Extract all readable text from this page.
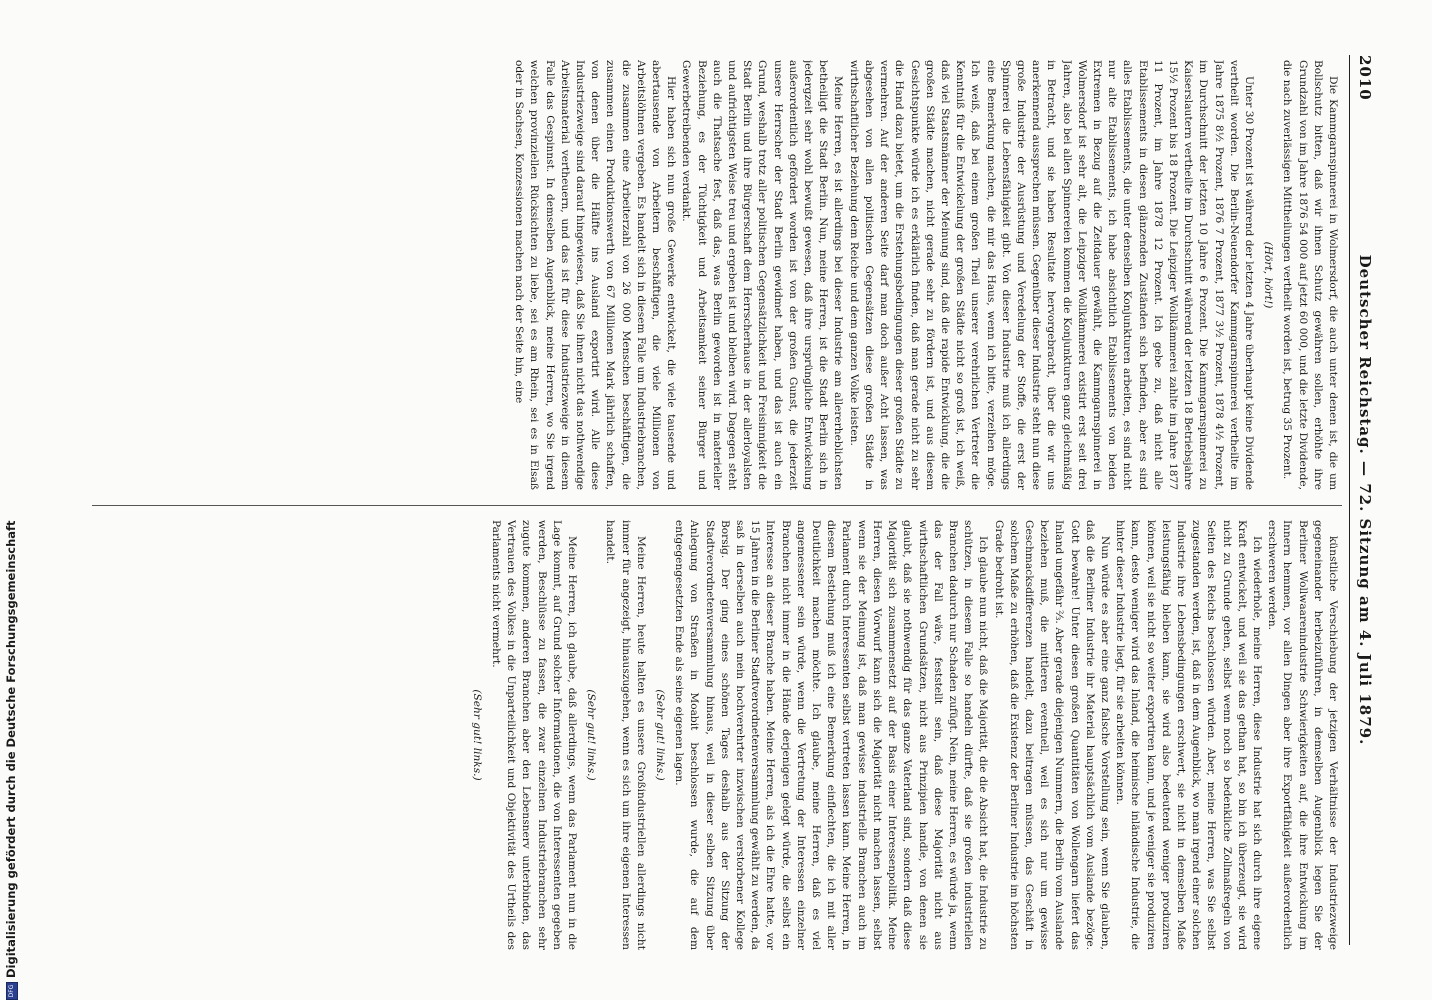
2010
Deutscher Reichstag. — 72. Sitzung am 4. Juli 1879.

Die Kammgarnspinnerei in Wolmersdorf, die auch unter denen ist, die um Bollschutz bitten, daß wir ihnen Schutz gewähren sollen, erhöhte ihre Grundzahl von im Jahre 1876 54 000 auf jetzt 60 000, und die letzte Dividende, die nach zuverlässigen Mittheilungen vertheilt worden ist, betrug 35 Prozent.

(Hört, hört!)

Unter 30 Prozent ist während der letzten 4 Jahre überhaupt keine Dividende vertheilt worden. Die Berlin-Neuendorfer Kammgarnspinnerei vertheilte im Jahre 1875 8½ Prozent, 1876 7 Prozent, 1877 3½ Prozent, 1878 4½ Prozent, im Durchschnitt der letzten 10 Jahre 6 Prozent. Die Kammgarnspinnerei zu Kaiserslautern vertheilte im Durchschnitt während der letzten 18 Betriebsjahre 15½ Prozent bis 18 Prozent. Die Leipziger Wollkämmerei zahlte im Jahre 1877 11 Prozent, im Jahre 1878 12 Prozent. Ich gebe zu, daß nicht alle Etablissements in diesen glänzenden Zuständen sich befinden, aber es sind alles Etablissements, die unter denselben Konjunkturen arbeiten, es sind nicht nur alte Etablissements, ich habe absichtlich Etablissements von beiden Extremen in Bezug auf die Zeitdauer gewählt, die Kammgarnspinnerei in Wolmersdorf ist sehr alt, die Leipziger Wollkämmerei existirt erst seit drei Jahren, also bei allen Spinnereien kommen die Konjunkturen ganz gleichmäßig in Betracht, und sie haben Resultate hervorgebracht, über die wir uns anerkennend aussprechen müssen. Gegenüber dieser Industrie steht nun diese große Industrie der Ausrüstung und Veredelung der Stoffe, die erst der Spinnerei die Lebensfähigkeit gibt. Von dieser Industrie muß ich allerdings eine Bemerkung machen, die mir das Haus, wenn ich bitte, verzeihen möge. Ich weiß, daß bei einem großen Theil unserer verehrlichen Vertreter die Kenntniß für die Entwickelung der großen Städte nicht so groß ist, ich weiß, daß viel Staatsmänner der Meinung sind, daß die rapide Entwicklung, die die großen Städte machen, nicht gerade sehr zu fördern ist, und aus diesem Gesichtspunkte würde ich es erklärlich finden, daß man gerade nicht zu sehr die Hand dazu bietet, um die Erstehungsbedingungen dieser großen Städte zu vermehren. Auf der anderen Seite darf man doch außer Acht lassen, was abgesehen von allen politischen Gegensätzen diese großen Städte in wirthschaftlicher Beziehung dem Reiche und dem ganzen Volke leisten.

Meine Herren, es ist allerdings bei dieser Industrie am allererheblichsten betheiligt die Stadt Berlin. Nun, meine Herren, ist die Stadt Berlin sich in jedergzeit sehr wohl bewußt gewesen, daß ihre ursprüngliche Entwickelung außerordentlich gefördert worden ist von der großen Gunst, die jederzeit unsere Herrscher der Stadt Berlin gewidmet haben, und das ist auch ein Grund, weshalb trotz aller politischen Gegensätzlichkeit und Freisinnigkeit die Stadt Berlin und ihre Bürgerschaft dem Herrscherhause in der allerloyalsten und aufrichtigsten Weise treu und ergeben ist und bleiben wird. Dagegen steht auch die Thatsache fest, daß das, was Berlin geworden ist in materieller Beziehung, es der Tüchtigkeit und Arbeitsamkeit seiner Bürger und Gewerbetreibenden verdankt.

Hier haben sich nun große Gewerke entwickelt, die viele tausende und abertausende von Arbeitern beschäftigen, die viele Millionen von Arbeitslöhnen vergeben. Es handelt sich in diesem Falle um Industriebranchen, die zusammen eine Arbeiterzahl von 26 000 Menschen beschäftigen, die zusammen einen Produktionswerth von 67 Millionen Mark jährlich schaffen, von denen über die Hälfte ins Ausland exportirt wird. Alle diese Industriezweige sind darauf hingewiesen, daß Sie ihnen nicht das nothwendige Arbeitsmaterial vertheuern, und das ist für diese Industriezweige in diesem Falle das Gespinnst. In demselben Augenblick, meine Herren, wo Sie irgend welchen provinziellen Rücksichten zu liebe, sei es am Rhein, sei es in Elsaß oder in Sachsen, Konzessionen machen nach der Seite hin, eine

künstliche Verschiebung der jetzigen Verhältnisse der Industriezweige gegeneinander herbeizuführen, in demselben Augenblick legen Sie der Berliner Wollwaarenindustrie Schwierigkeiten auf, die ihre Entwicklung im Innern hemmen, vor allen Dingen aber ihre Exportfähigkeit außerordentlich erschweren werden.

Ich wiederhole, meine Herren, diese Industrie hat sich durch ihre eigene Kraft entwickelt, und weil sie das gethan hat, so bin ich überzeugt, sie wird nicht zu Grunde gehen, selbst wenn noch so bedenkliche Zollmaßregeln von Seiten des Reichs beschlossen würden. Aber, meine Herren, was Sie selbst zugestanden werden, ist, daß in dem Augenblick, wo man irgend einer solchen Industrie ihre Lebensbedingungen erschwert, sie nicht in demselben Maße leistungsfähig bleiben kann, sie wird also bedeutend weniger produziren können, weil sie nicht so weiter exportiren kann, und je weniger sie produziren kann, desto weniger wird das Inland, die heimische inländische Industrie, die hinter dieser Industrie liegt, für sie arbeiten können.

Nun würde es aber eine ganz falsche Vorstellung sein, wenn Sie glauben, daß die Berliner Industrie ihr Material hauptsächlich vom Auslande bezöge. Gott bewahre! Unter diesen großen Quantitäten von Wollengarn liefert das Inland ungefähr ⅔. Aber gerade diejenigen Nummern, die Berlin vom Auslande beziehen muß, die mittleren eventuell, weil es sich nur um gewisse Geschmacksdifferenzen handelt, dazu beitragen müssen, das Geschäft in solchem Maße zu erhöhen, daß die Existenz der Berliner Industrie im höchsten Grade bedroht ist.

Ich glaube nun nicht, daß die Majorität, die die Absicht hat, die Industrie zu schützen, in diesem Falle so handeln dürfte, daß sie großen industriellen Branchen dadurch nur Schaden zufügt. Nein, meine Herren, es würde ja, wenn das der Fall wäre, feststellt sein, daß diese Majorität nicht aus wirthschaftlichen Grundsätzen, nicht aus Prinzipien handle, von denen sie glaubt, daß sie nothwendig für das ganze Vaterland sind, sondern daß diese Majorität sich zusammensetzt auf der Basis einer Interessenpolitik. Meine Herren, diesen Vorwurf kann sich die Majorität nicht machen lassen, selbst wenn sie der Meinung ist, daß man gewisse industrielle Branchen auch im Parlament durch Interessenten selbst vertreten lassen kann. Meine Herren, in diesem Bestiehung muß ich eine Bemerkung einflechten, die ich mit aller Deutlichkeit machen möchte. Ich glaube, meine Herren, daß es viel angemessener sein würde, wenn die Vertretung der Interessen einzelner Branchen nicht immer in die Hände derjenigen gelegt würde, die selbst ein Interesse an dieser Branche haben. Meine Herren, als ich die Ehre hatte, vor 15 Jahren in die Berliner Stadtverordnetenversammlung gewählt zu werden, da saß in derselben auch mein hochverehrter inzwischen verstorbener Kollege Borsig. Der ging eines schönen Tages deshalb aus der Sitzung der Stadtverordnetenversammlung hinaus, weil in dieser selben Sitzung über Anlegung von Straßen in Moabit beschlossen wurde, die auf dem entgegengesetzten Ende als seine eigenen lagen.

(Sehr gut! links.)

Meine Herren, heute halten es unsere Großindustriellen allerdings nicht immer für angezeigt, hinauszugehen, wenn es sich um ihre eigenen Interessen handelt.

(Sehr gut! links.)

Meine Herren, ich glaube, daß allerdings, wenn das Parlament nun in die Lage kommt, auf Grund solcher Informationen, die von Interessenten gegeben werden, Beschlüsse zu fassen, die zwar einzelnen Industriebranchen sehr zugute kommen, anderen Branchen aber den Lebensnerv unterbinden, das Vertrauen des Volkes in die Unparteilichkeit und Objektivität des Urtheils des Parlaments nicht vermehrt.

(Sehr gut! links.)

DFG
Digitalisierung gefördert durch die Deutsche Forschungsgemeinschaft
